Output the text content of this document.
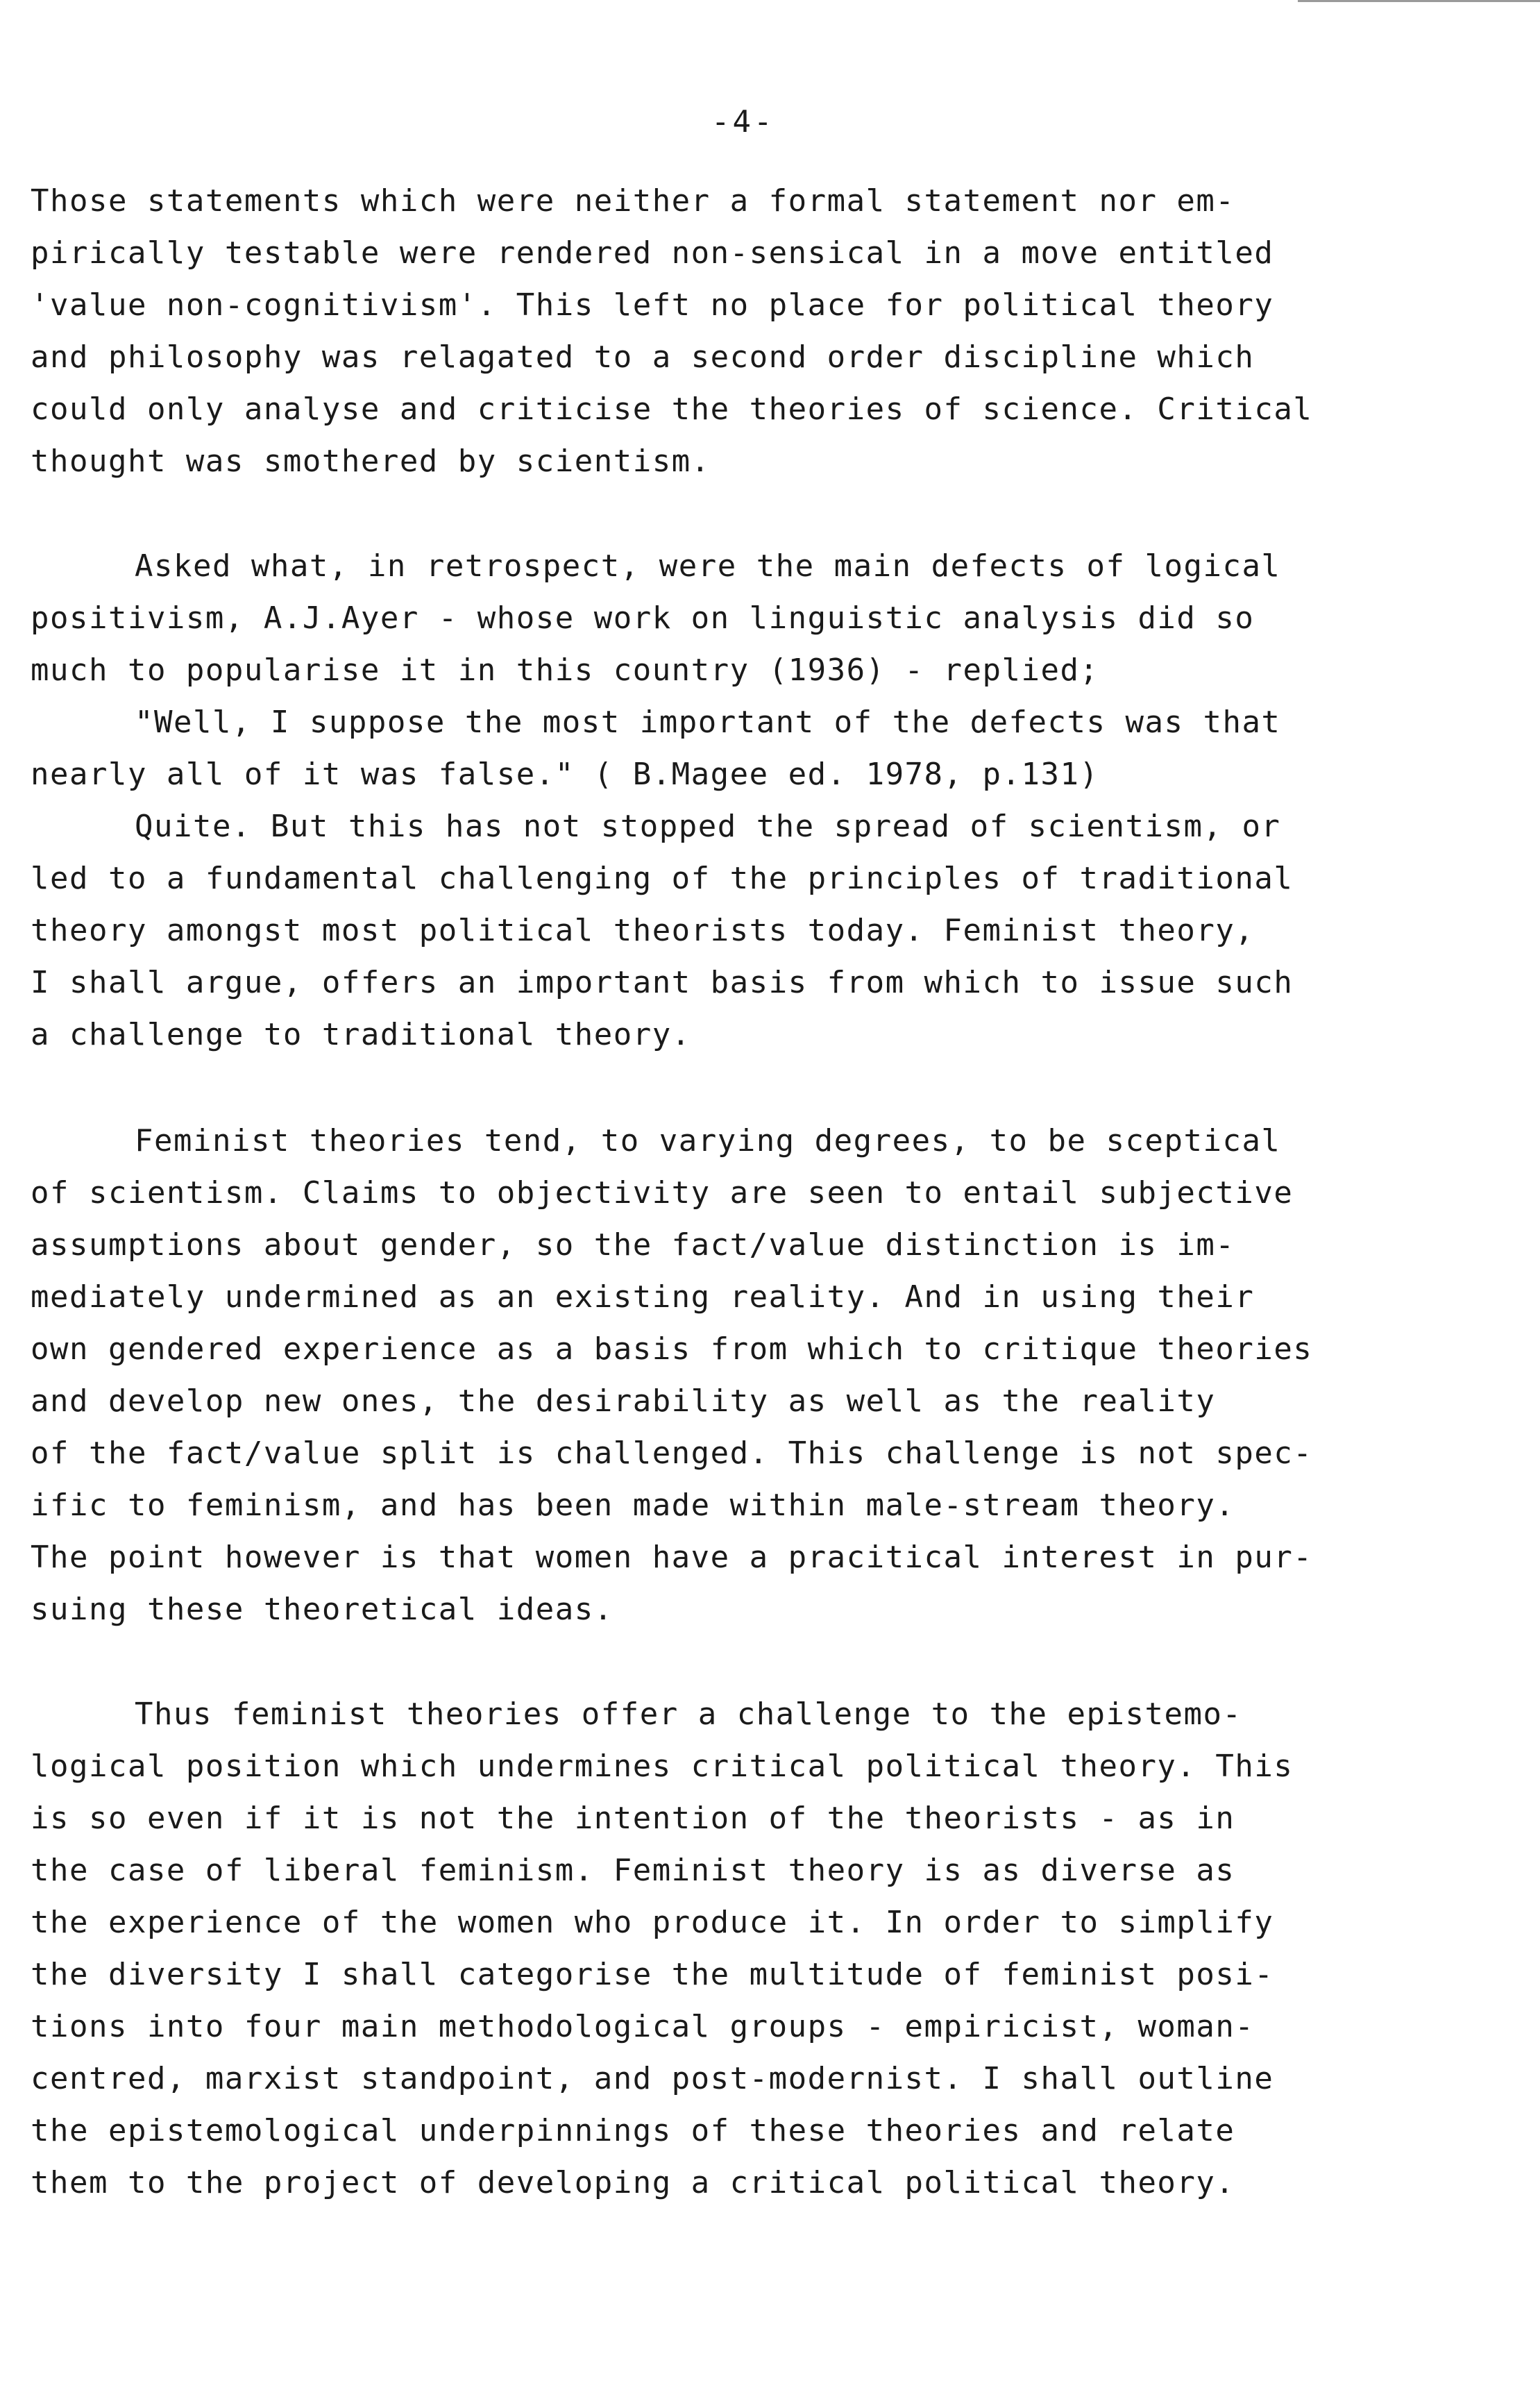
-4-
Those statements which were neither a formal statement nor em-
pirically testable were rendered non-sensical in a move entitled
'value non-cognitivism'. This left no place for political theory
and philosophy was relagated to a second order discipline which
could only analyse and criticise the theories of science. Critical
thought was smothered by scientism.
Asked what, in retrospect, were the main defects of logical
positivism, A.J.Ayer - whose work on linguistic analysis did so
much to popularise it in this country (1936) - replied;
"Well, I suppose the most important of the defects was that
nearly all of it was false." ( B.Magee ed. 1978, p.131)
Quite. But this has not stopped the spread of scientism, or
led to a fundamental challenging of the principles of traditional
theory amongst most political theorists today. Feminist theory,
I shall argue, offers an important basis from which to issue such
a challenge to traditional theory.
Feminist theories tend, to varying degrees, to be sceptical
of scientism. Claims to objectivity are seen to entail subjective
assumptions about gender, so the fact/value distinction is im-
mediately undermined as an existing reality. And in using their
own gendered experience as a basis from which to critique theories
and develop new ones, the desirability as well as the reality
of the fact/value split is challenged. This challenge is not spec-
ific to feminism, and has been made within male-stream theory.
The point however is that women have a pracitical interest in pur-
suing these theoretical ideas.
Thus feminist theories offer a challenge to the epistemo-
logical position which undermines critical political theory. This
is so even if it is not the intention of the theorists - as in
the case of liberal feminism. Feminist theory is as diverse as
the experience of the women who produce it. In order to simplify
the diversity I shall categorise the multitude of feminist posi-
tions into four main methodological groups - empiricist, woman-
centred, marxist standpoint, and post-modernist. I shall outline
the epistemological underpinnings of these theories and relate
them to the project of developing a critical political theory.
